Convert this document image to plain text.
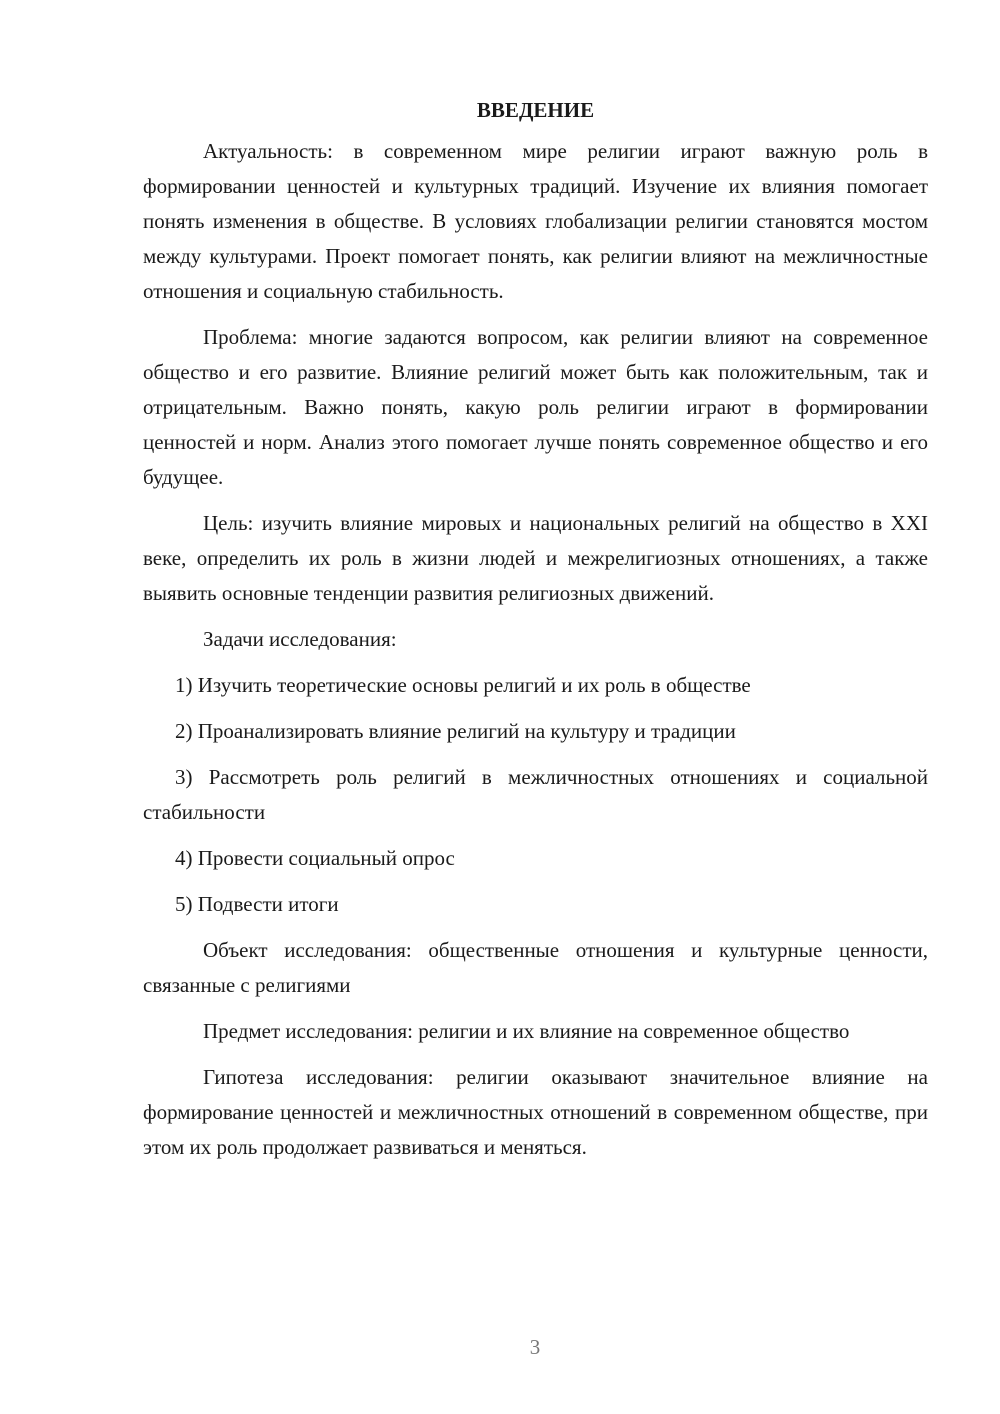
ВВЕДЕНИЕ

Актуальность: в современном мире религии играют важную роль в формировании ценностей и культурных традиций. Изучение их влияния помогает понять изменения в обществе. В условиях глобализации религии становятся мостом между культурами. Проект помогает понять, как религии влияют на межличностные отношения и социальную стабильность.

Проблема: многие задаются вопросом, как религии влияют на современное общество и его развитие. Влияние религий может быть как положительным, так и отрицательным. Важно понять, какую роль религии играют в формировании ценностей и норм. Анализ этого помогает лучше понять современное общество и его будущее.

Цель: изучить влияние мировых и национальных религий на общество в XXI веке, определить их роль в жизни людей и межрелигиозных отношениях, а также выявить основные тенденции развития религиозных движений.

Задачи исследования:

1) Изучить теоретические основы религий и их роль в обществе

2) Проанализировать влияние религий на культуру и традиции

3) Рассмотреть роль религий в межличностных отношениях и социальной стабильности

4) Провести социальный опрос

5) Подвести итоги

Объект исследования: общественные отношения и культурные ценности, связанные с религиями

Предмет исследования: религии и их влияние на современное общество

Гипотеза исследования: религии оказывают значительное влияние на формирование ценностей и межличностных отношений в современном обществе, при этом их роль продолжает развиваться и меняться.

3
